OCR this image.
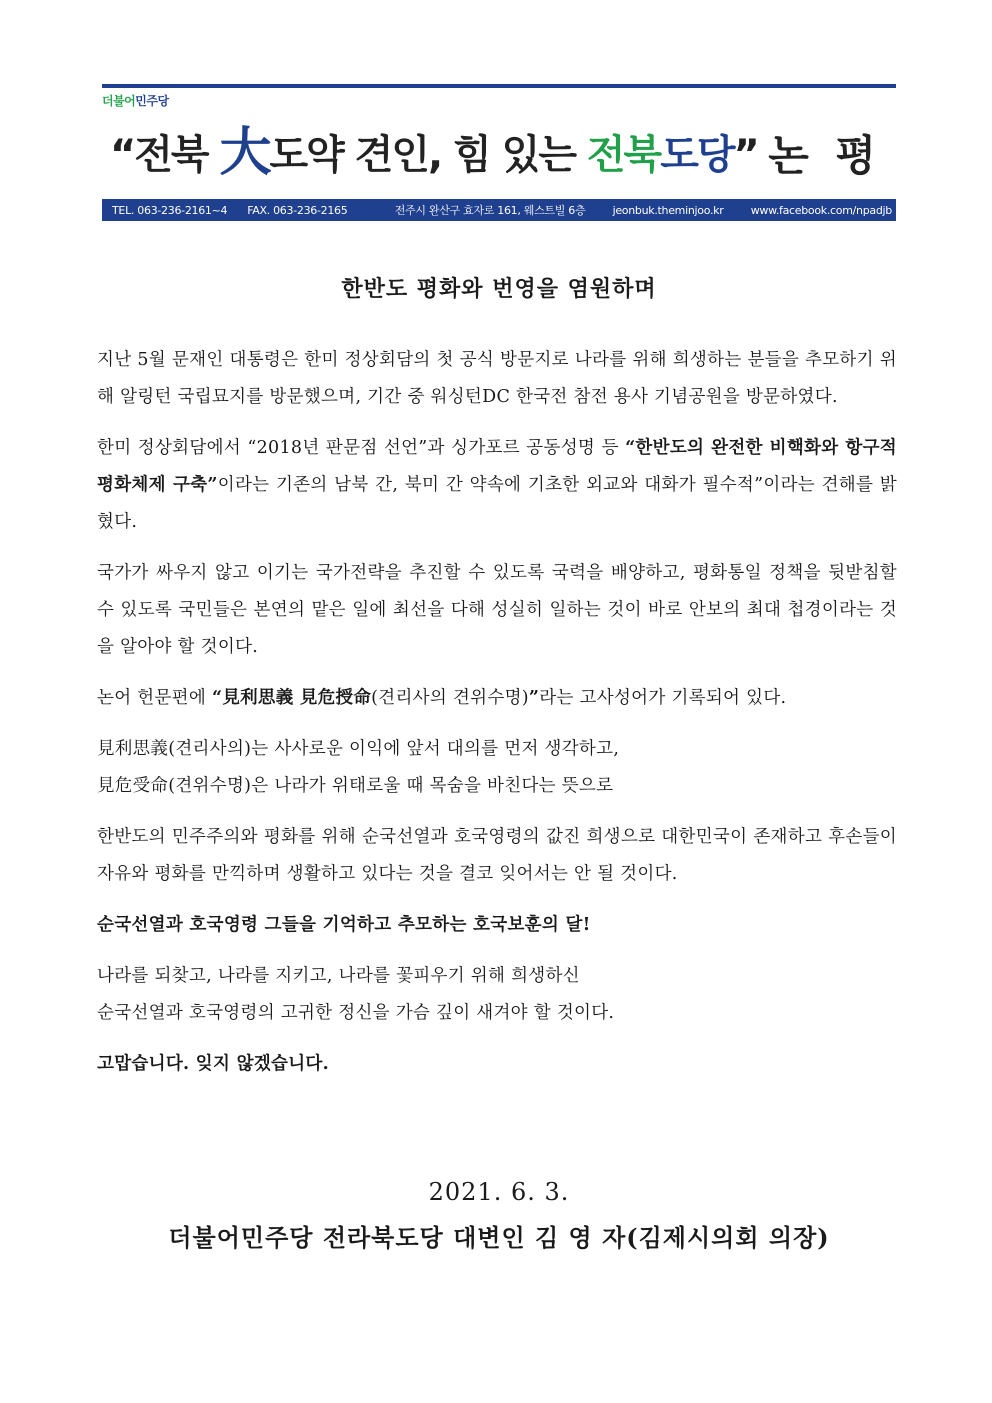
더불어민주당
“전북 大도약 견인, 힘 있는 전북도당” 논 평
TEL. 063-236-2161~4 FAX. 063-236-2165	전주시 완산구 효자로 161, 웨스트빌 6층 jeonbuk.theminjoo.kr www.facebook.com/npadjb
한반도 평화와 번영을 염원하며

지난 5월 문재인 대통령은 한미 정상회담의 첫 공식 방문지로 나라를 위해 희생하는 분들을 추모하기 위해 알링턴 국립묘지를 방문했으며, 기간 중 워싱턴DC 한국전 참전 용사 기념공원을 방문하였다.

한미 정상회담에서 “2018년 판문점 선언”과 싱가포르 공동성명 등 “한반도의 완전한 비핵화와 항구적 평화체제 구축”이라는 기존의 남북 간, 북미 간 약속에 기초한 외교와 대화가 필수적”이라는 견해를 밝혔다.

국가가 싸우지 않고 이기는 국가전략을 추진할 수 있도록 국력을 배양하고, 평화통일 정책을 뒷받침할 수 있도록 국민들은 본연의 맡은 일에 최선을 다해 성실히 일하는 것이 바로 안보의 최대 첩경이라는 것을 알아야 할 것이다.

논어 헌문편에 “見利思義 見危授命(견리사의 견위수명)”라는 고사성어가 기록되어 있다.

見利思義(견리사의)는 사사로운 이익에 앞서 대의를 먼저 생각하고,

見危受命(견위수명)은 나라가 위태로울 때 목숨을 바친다는 뜻으로

한반도의 민주주의와 평화를 위해 순국선열과 호국영령의 값진 희생으로 대한민국이 존재하고 후손들이 자유와 평화를 만끽하며 생활하고 있다는 것을 결코 잊어서는 안 될 것이다.

순국선열과 호국영령 그들을 기억하고 추모하는 호국보훈의 달!

나라를 되찾고, 나라를 지키고, 나라를 꽃피우기 위해 희생하신

순국선열과 호국영령의 고귀한 정신을 가슴 깊이 새겨야 할 것이다.

고맙습니다. 잊지 않겠습니다.

2021. 6. 3.
더불어민주당 전라북도당 대변인 김 영 자(김제시의회 의장)
